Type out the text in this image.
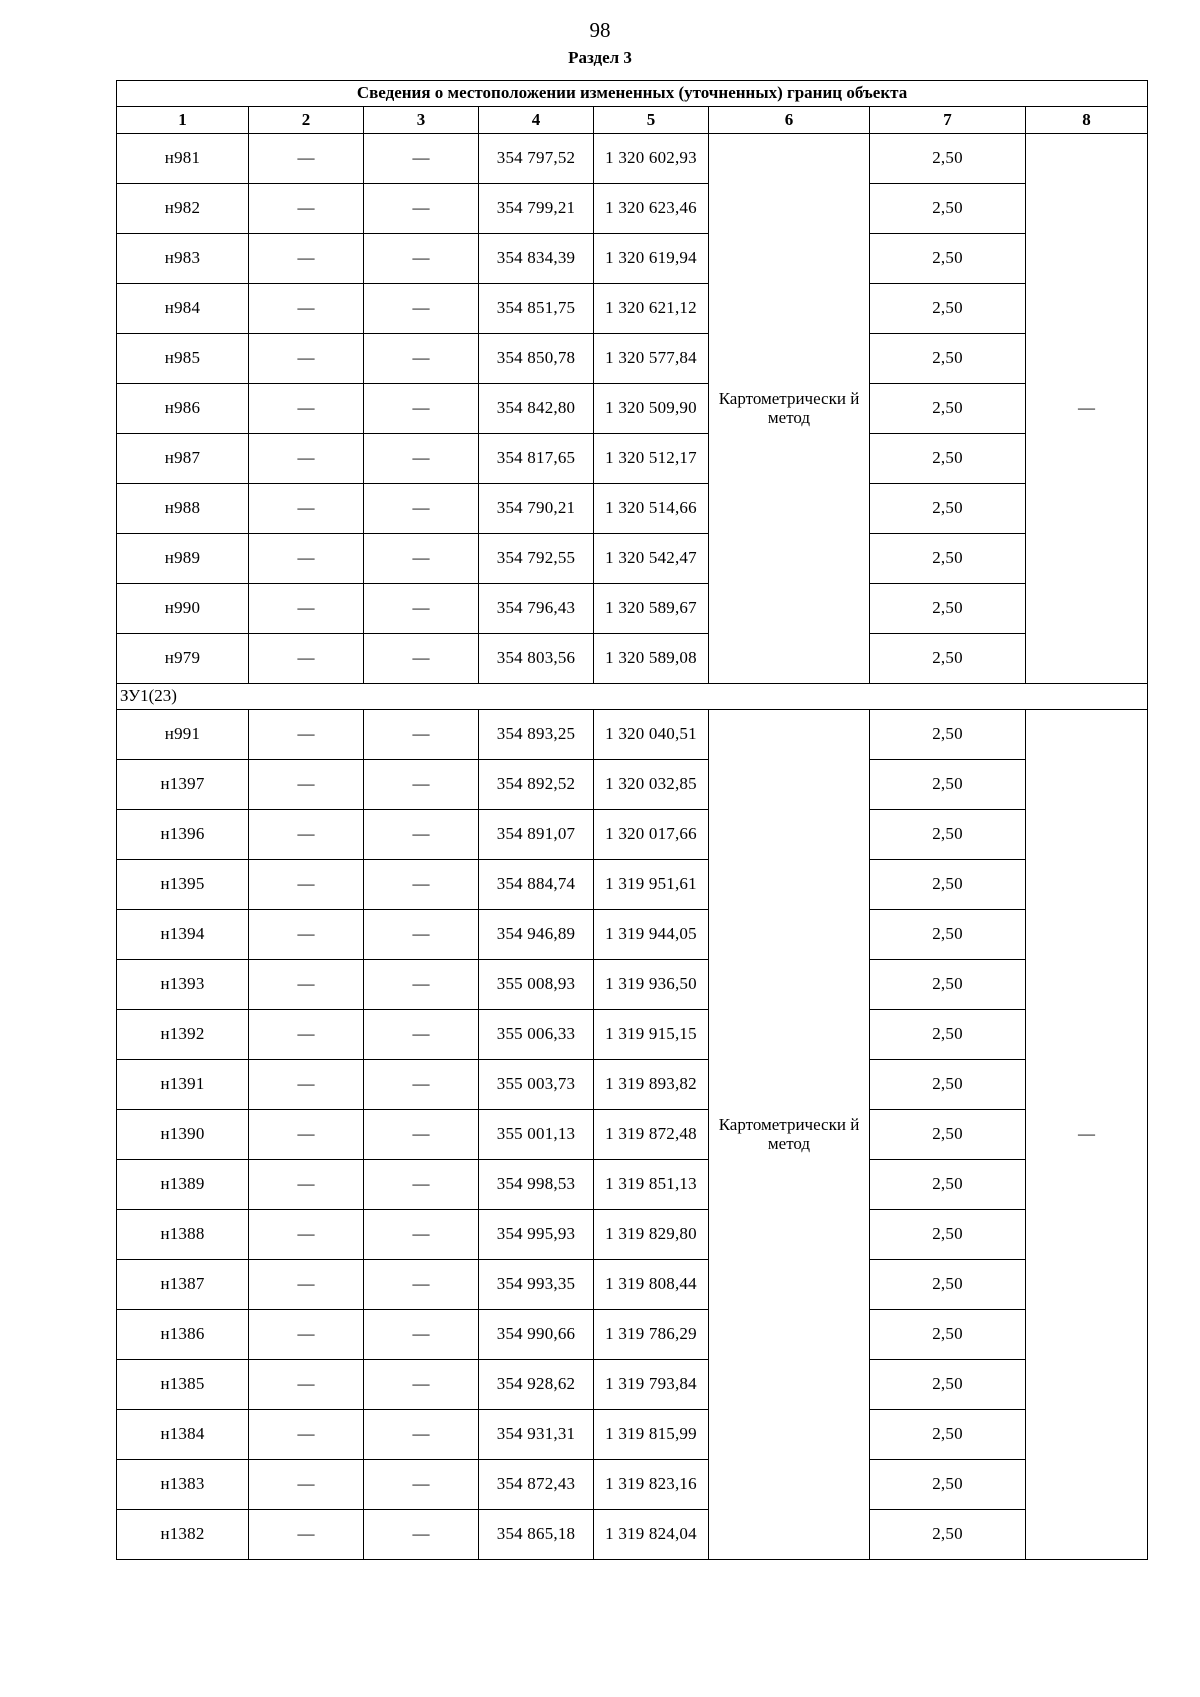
98
Раздел 3
Сведения о местоположении измененных (уточненных) границ объекта							
1	2	3	4	5	6	7	8
н981	—	—	354 797,52	1 320 602,93	Картометрически й метод	2,50	—
н982	—	—	354 799,21	1 320 623,46		2,50	
н983	—	—	354 834,39	1 320 619,94		2,50	
н984	—	—	354 851,75	1 320 621,12		2,50	
н985	—	—	354 850,78	1 320 577,84		2,50	
н986	—	—	354 842,80	1 320 509,90		2,50	
н987	—	—	354 817,65	1 320 512,17		2,50	
н988	—	—	354 790,21	1 320 514,66		2,50	
н989	—	—	354 792,55	1 320 542,47		2,50	
н990	—	—	354 796,43	1 320 589,67		2,50	
н979	—	—	354 803,56	1 320 589,08		2,50	
ЗУ1(23)							
н991	—	—	354 893,25	1 320 040,51	Картометрически й метод	2,50	—
н1397	—	—	354 892,52	1 320 032,85		2,50	
н1396	—	—	354 891,07	1 320 017,66		2,50	
н1395	—	—	354 884,74	1 319 951,61		2,50	
н1394	—	—	354 946,89	1 319 944,05		2,50	
н1393	—	—	355 008,93	1 319 936,50		2,50	
н1392	—	—	355 006,33	1 319 915,15		2,50	
н1391	—	—	355 003,73	1 319 893,82		2,50	
н1390	—	—	355 001,13	1 319 872,48		2,50	
н1389	—	—	354 998,53	1 319 851,13		2,50	
н1388	—	—	354 995,93	1 319 829,80		2,50	
н1387	—	—	354 993,35	1 319 808,44		2,50	
н1386	—	—	354 990,66	1 319 786,29		2,50	
н1385	—	—	354 928,62	1 319 793,84		2,50	
н1384	—	—	354 931,31	1 319 815,99		2,50	
н1383	—	—	354 872,43	1 319 823,16		2,50	
н1382	—	—	354 865,18	1 319 824,04		2,50	
